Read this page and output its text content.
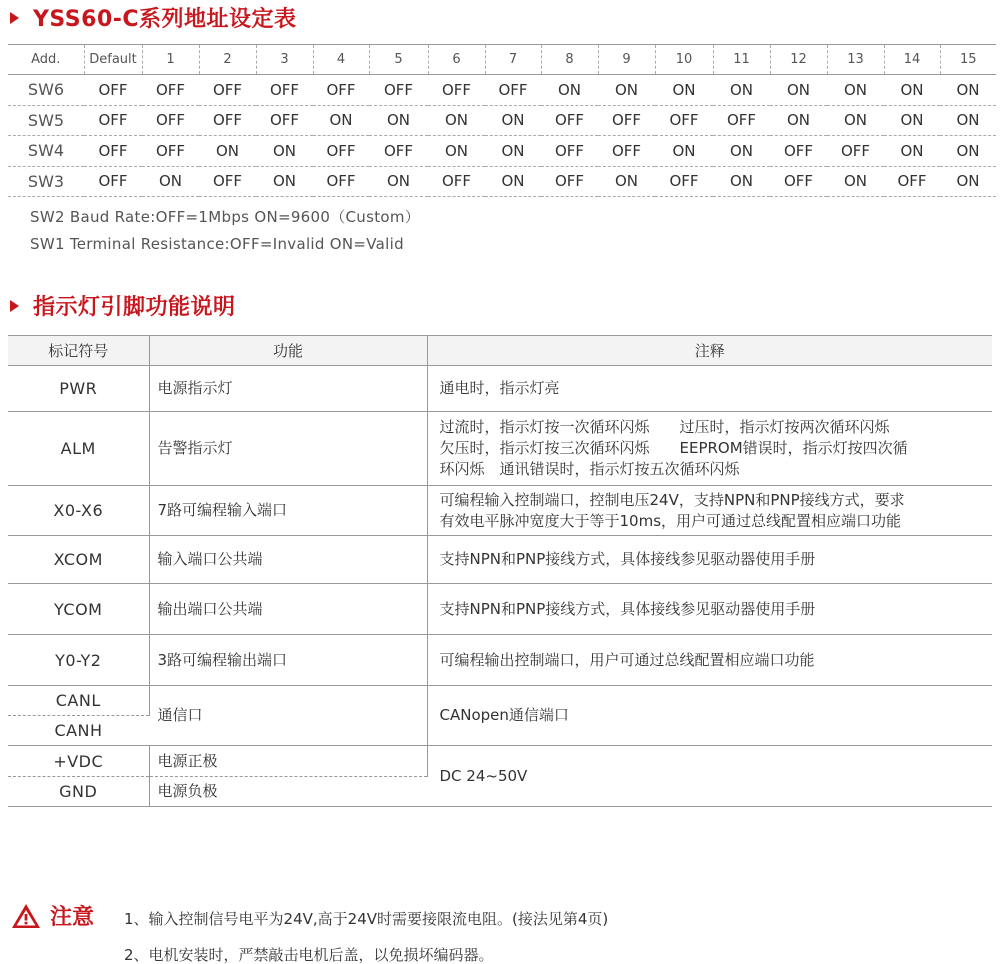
YSS60-C系列地址设定表
Add.	Default	1	2	3	4	5	6	7	8	9	10	11	12	13	14	15
SW6	OFF	OFF	OFF	OFF	OFF	OFF	OFF	OFF	ON	ON	ON	ON	ON	ON	ON	ON
SW5	OFF	OFF	OFF	OFF	ON	ON	ON	ON	OFF	OFF	OFF	OFF	ON	ON	ON	ON
SW4	OFF	OFF	ON	ON	OFF	OFF	ON	ON	OFF	OFF	ON	ON	OFF	OFF	ON	ON
SW3	OFF	ON	OFF	ON	OFF	ON	OFF	ON	OFF	ON	OFF	ON	OFF	ON	OFF	ON
SW2 Baud Rate:OFF=1Mbps ON=9600（Custom）
SW1 Terminal Resistance:OFF=Invalid ON=Valid
指示灯引脚功能说明
标记符号	功能	注释
PWR	电源指示灯	通电时，指示灯亮

ALM	告警指示灯	过流时，指示灯按一次循环闪烁　　过压时，指示灯按两次循环闪烁
欠压时，指示灯按三次循环闪烁　　EEPROM错误时，指示灯按四次循
环闪烁　通讯错误时，指示灯按五次循环闪烁

X0-X6	7路可编程输入端口	可编程输入控制端口，控制电压24V，支持NPN和PNP接线方式，要求
有效电平脉冲宽度大于等于10ms，用户可通过总线配置相应端口功能

XCOM	输入端口公共端	支持NPN和PNP接线方式，具体接线参见驱动器使用手册

YCOM	输出端口公共端	支持NPN和PNP接线方式，具体接线参见驱动器使用手册

Y0-Y2	3路可编程输出端口	可编程输出控制端口，用户可通过总线配置相应端口功能

CANL	通信口	CANopen通信端口
CANH		
+VDC	电源正极	DC 24~50V
GND	电源负极	
注意 1、输入控制信号电平为24V,高于24V时需要接限流电阻。(接法见第4页)
2、电机安装时，严禁敲击电机后盖，以免损坏编码器。
